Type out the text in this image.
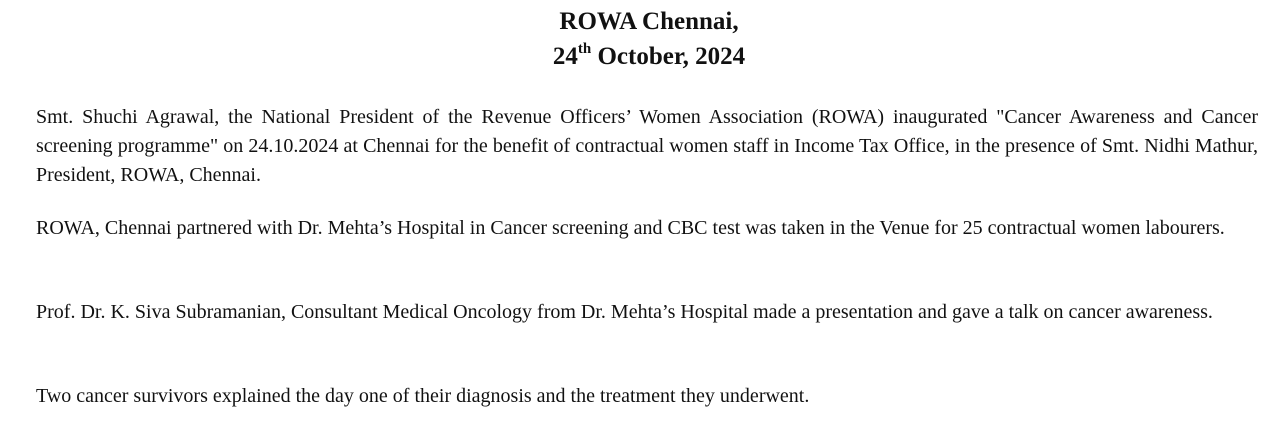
ROWA Chennai,
24th October, 2024

Smt. Shuchi Agrawal, the National President of the Revenue Officers’ Women Association (ROWA) inaugurated "Cancer Awareness and Cancer screening programme" on 24.10.2024 at Chennai for the benefit of contractual women staff in Income Tax Office, in the presence of Smt. Nidhi Mathur, President, ROWA, Chennai.

ROWA, Chennai partnered with Dr. Mehta’s Hospital in Cancer screening and CBC test was taken in the Venue for 25 contractual women labourers.

Prof. Dr. K. Siva Subramanian, Consultant Medical Oncology from Dr. Mehta’s Hospital made a presentation and gave a talk on cancer awareness.

Two cancer survivors explained the day one of their diagnosis and the treatment they underwent.
